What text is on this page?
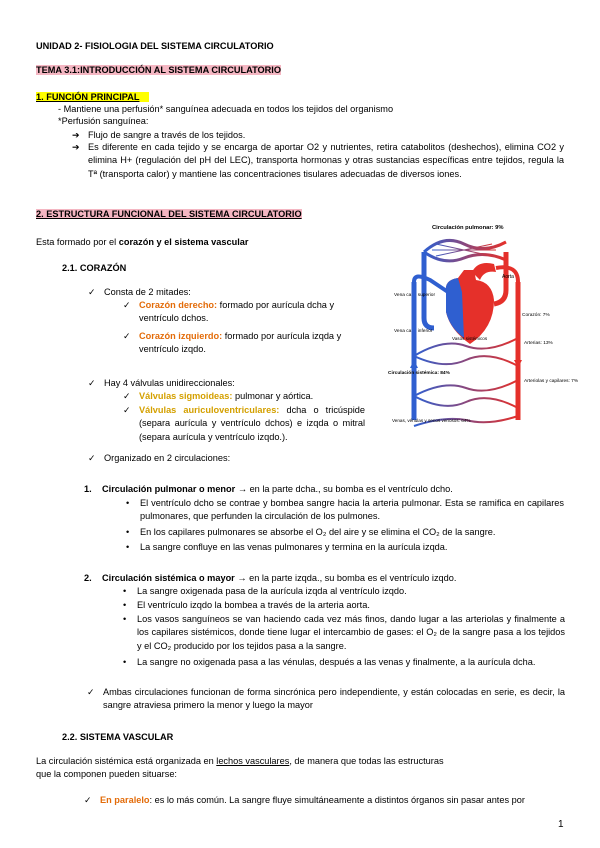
UNIDAD 2- FISIOLOGIA DEL SISTEMA CIRCULATORIO
TEMA 3.1:INTRODUCCIÓN AL SISTEMA CIRCULATORIO
1. FUNCIÓN PRINCIPAL
- Mantiene una perfusión* sanguínea adecuada en todos los tejidos del organismo
*Perfusión sanguínea:
➔ Flujo de sangre a través de los tejidos.
➔ Es diferente en cada tejido y se encarga de aportar O2 y nutrientes, retira catabolitos (deshechos), elimina CO2 y elimina H+ (regulación del pH del LEC), transporta hormonas y otras sustancias específicas entre tejidos, regula la Tª (transporta calor) y mantiene las concentraciones tisulares adecuadas de diversos iones.
2. ESTRUCTURA FUNCIONAL DEL SISTEMA CIRCULATORIO
Esta formado por el corazón y el sistema vascular
2.1. CORAZÓN
✓ Consta de 2 mitades:
✓ Corazón derecho: formado por aurícula dcha y ventrículo dchos.
✓ Corazón izquierdo: formado por aurícula izqda y ventrículo izqdo.
✓ Hay 4 válvulas unidireccionales:
✓ Válvulas sigmoideas: pulmonar y aórtica.
✓ Válvulas auriculoventriculares: dcha o tricúspide (separa aurícula y ventrículo dchos) e izqda o mitral (separa aurícula y ventrículo izqdo.).
✓ Organizado en 2 circulaciones:
1. Circulación pulmonar o menor → en la parte dcha., su bomba es el ventrículo dcho.
• El ventrículo dcho se contrae y bombea sangre hacia la arteria pulmonar. Esta se ramifica en capilares pulmonares, que perfunden la circulación de los pulmones.
• En los capilares pulmonares se absorbe el O₂ del aire y se elimina el CO₂ de la sangre.
• La sangre confluye en las venas pulmonares y termina en la aurícula izqda.
2. Circulación sistémica o mayor → en la parte izqda., su bomba es el ventrículo izqdo.
• La sangre oxigenada pasa de la aurícula izqda al ventrículo izqdo.
• El ventrículo izqdo la bombea a través de la arteria aorta.
• Los vasos sanguíneos se van haciendo cada vez más finos, dando lugar a las arteriolas y finalmente a los capilares sistémicos, donde tiene lugar el intercambio de gases: el O₂ de la sangre pasa a los tejidos y el CO₂ producido por los tejidos pasa a la sangre.
• La sangre no oxigenada pasa a las vénulas, después a las venas y finalmente, a la aurícula dcha.
✓ Ambas circulaciones funcionan de forma sincrónica pero independiente, y están colocadas en serie, es decir, la sangre atraviesa primero la menor y luego la mayor
2.2. SISTEMA VASCULAR
La circulación sistémica está organizada en lechos vasculares, de manera que todas las estructuras
que la componen pueden situarse:
✓ En paralelo: es lo más común. La sangre fluye simultáneamente a distintos órganos sin pasar antes por
1
Circulación pulmonar: 9%
Aorta
Vena cava superior
Corazón: 7%
Vena cava inferior
Vasos sistémicos
Arterias: 13%
Circulación sistémica: 84%
Arteriolas y capilares: 7%
Venas, vénulas y senos venosos: 64%
